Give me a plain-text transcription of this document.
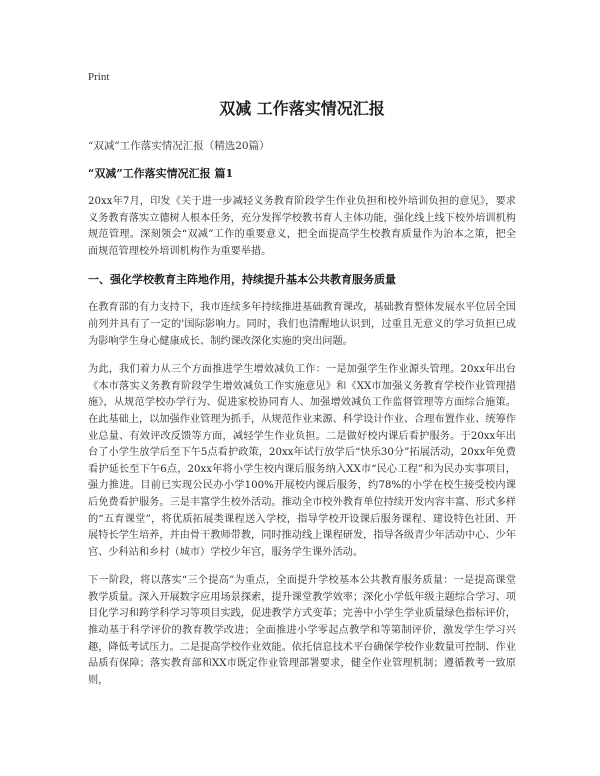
Print
双减 工作落实情况汇报
“双减”工作落实情况汇报（精选20篇）
“双减”工作落实情况汇报 篇1

20xx年7月，印发《关于进一步减轻义务教育阶段学生作业负担和校外培训负担的意见》，要求义务教育落实立德树人根本任务，充分发挥学校教书育人主体功能，强化线上线下校外培训机构规范管理。深刻领会“双减”工作的重要意义，把全面提高学生校教育质量作为治本之策，把全面规范管理校外培训机构作为重要举措。

一、强化学校教育主阵地作用，持续提升基本公共教育服务质量

在教育部的有力支持下，我市连续多年持续推进基础教育课改，基础教育整体发展水平位居全国前列并具有了一定的'国际影响力。同时，我们也清醒地认识到，过重且无意义的学习负担已成为影响学生身心健康成长、制约课改深化实施的突出问题。

为此，我们着力从三个方面推进学生增效减负工作：一是加强学生作业源头管理。20xx年出台《本市落实义务教育阶段学生增效减负工作实施意见》和《XX市加强义务教育学校作业管理措施》，从规范学校办学行为、促进家校协同育人、加强增效减负工作监督管理等方面综合施策。在此基础上，以加强作业管理为抓手，从规范作业来源、科学设计作业、合理布置作业、统筹作业总量、有效评改反馈等方面，减轻学生作业负担。二是做好校内课后看护服务。于20xx年出台了小学生放学后至下午5点看护政策，20xx年试行放学后“快乐30分”拓展活动，20xx年免费看护延长至下午6点，20xx年将小学生校内课后服务纳入XX市“民心工程”和为民办实事项目，强力推进。目前已实现公民办小学100%开展校内课后服务，约78%的小学在校生接受校内课后免费看护服务。三是丰富学生校外活动。推动全市校外教育单位持续开发内容丰富、形式多样的“五育课堂”，将优质拓展类课程送入学校，指导学校开设课后服务课程、建设特色社团、开展特长学生培养，并由骨干教师带教，同时推动线上课程研发，指导各级青少年活动中心、少年宫、少科站和乡村（城市）学校少年宫，服务学生课外活动。

下一阶段，将以落实“三个提高”为重点，全面提升学校基本公共教育服务质量：一是提高课堂教学质量。深入开展数字应用场景探索，提升课堂教学效率；深化小学低年级主题综合学习、项目化学习和跨学科学习等项目实践，促进教学方式变革；完善中小学生学业质量绿色指标评价，推动基于科学评价的教育教学改进；全面推进小学零起点教学和等第制评价，激发学生学习兴趣，降低考试压力。二是提高学校作业效能。依托信息技术平台确保学校作业数量可控制、作业品质有保障；落实教育部和XX市既定作业管理部署要求，健全作业管理机制；遵循教考一致原则，
